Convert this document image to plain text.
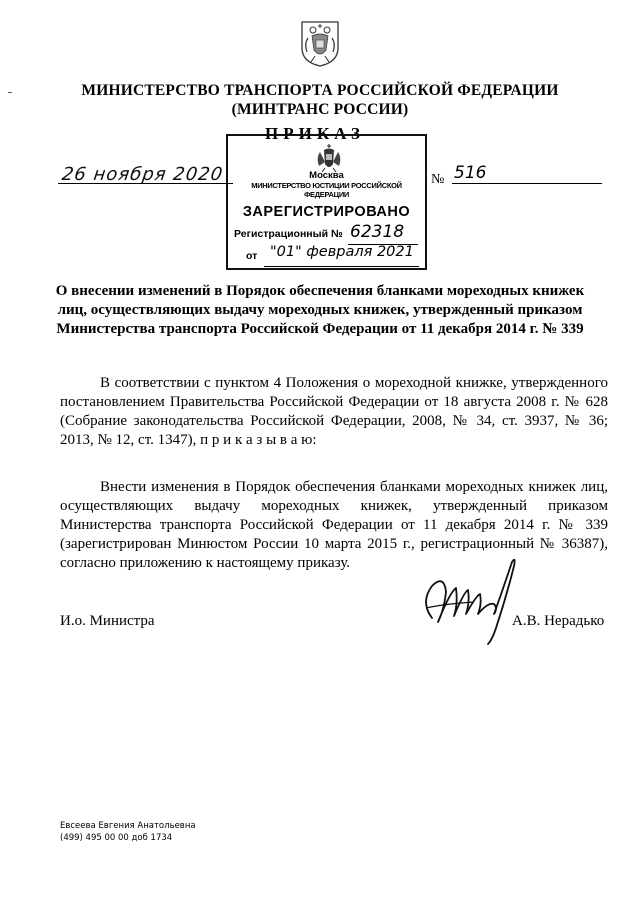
МИНИСТЕРСТВО ТРАНСПОРТА РОССИЙСКОЙ ФЕДЕРАЦИИ
(МИНТРАНС РОССИИ)
ПРИКАЗ
26 ноября 2020	№ 516
Москва
МИНИСТЕРСТВО ЮСТИЦИИ РОССИЙСКОЙ ФЕДЕРАЦИИ
ЗАРЕГИСТРИРОВАНО
Регистрационный № 62318
от "01" февраля 2021
О внесении изменений в Порядок обеспечения бланками мореходных книжек
лиц, осуществляющих выдачу мореходных книжек, утвержденный приказом
Министерства транспорта Российской Федерации от 11 декабря 2014 г. № 339
В соответствии с пунктом 4 Положения о мореходной книжке, утвержденного
постановлением Правительства Российской Федерации от 18 августа 2008 г. № 628
(Собрание законодательства Российской Федерации, 2008, № 34, ст. 3937, № 36;
2013, № 12, ст. 1347), п р и к а з ы в а ю:
Внести изменения в Порядок обеспечения бланками мореходных книжек лиц,
осуществляющих выдачу мореходных книжек, утвержденный приказом
Министерства транспорта Российской Федерации от 11 декабря 2014 г. № 339
(зарегистрирован Минюстом России 10 марта 2015 г., регистрационный № 36387),
согласно приложению к настоящему приказу.
И.о. Министра	А.В. Нерадько
Евсеева Евгения Анатольевна
(499) 495 00 00 доб 1734
